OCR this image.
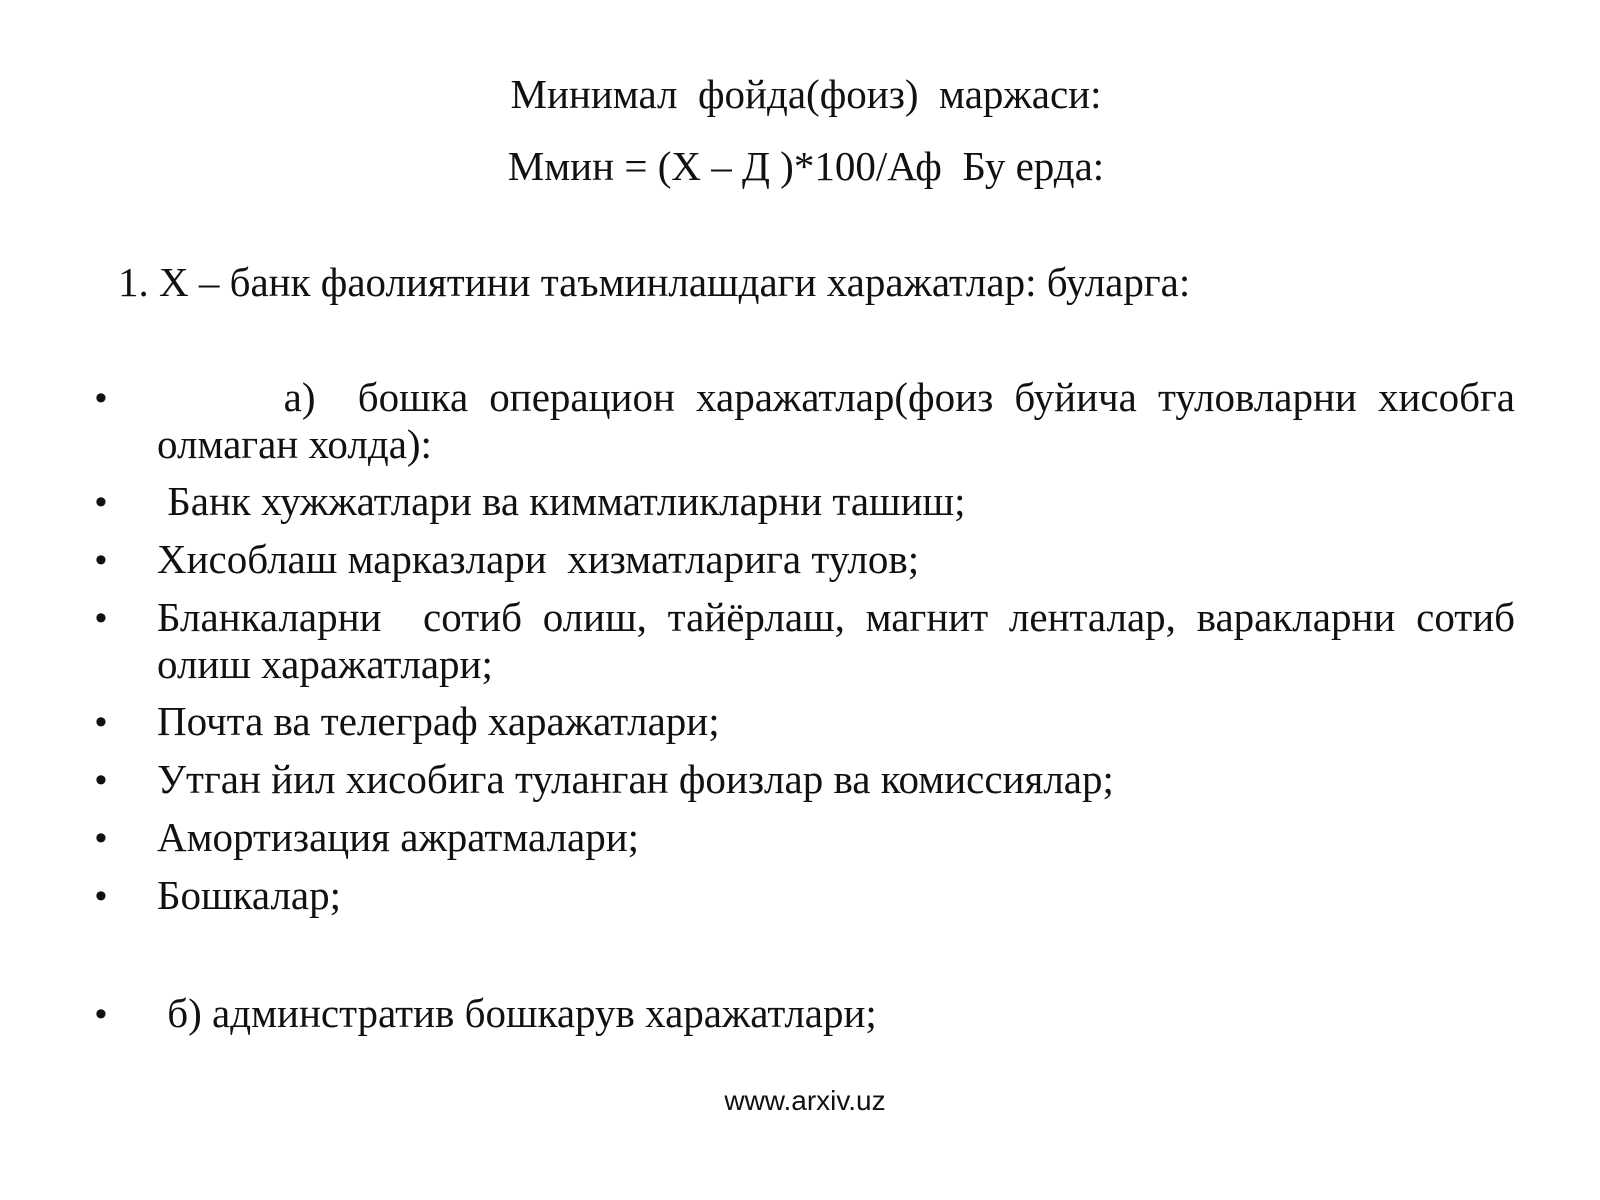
Минимал  фойда(фоиз)  маржаси:
Ммин = (Х – Д )*100/Аф  Бу ерда:
1. Х – банк фаолиятини таъминлашдаги харажатлар: буларга:
• а)  бошка операцион харажатлар(фоиз буйича туловларни хисобга олмаган холда):
• Банк хужжатлари ва кимматликларни ташиш;
• Хисоблаш марказлари  хизматларига тулов;
• Бланкаларни  сотиб олиш, тайёрлаш, магнит ленталар, варакларни сотиб олиш харажатлари;
• Почта ва телеграф харажатлари;
• Утган йил хисобига туланган фоизлар ва комиссиялар;
• Амортизация ажратмалари;
• Бошкалар;
• б) админстратив бошкарув харажатлари;
www.arxiv.uz
